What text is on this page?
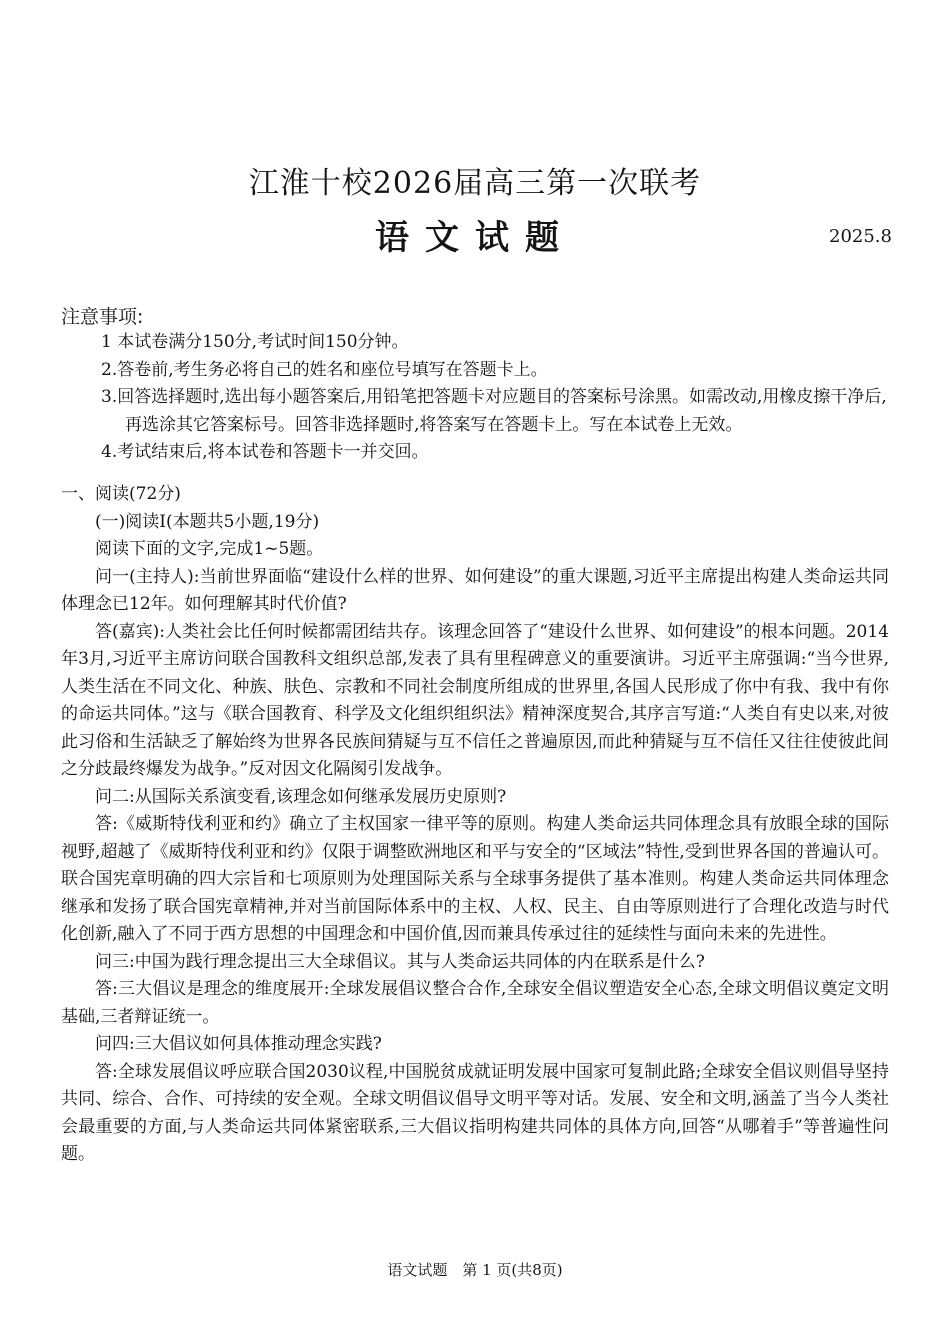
江淮十校2026届高三第一次联考
语文试题	2025.8
注意事项:
1 本试卷满分150分,考试时间150分钟。
2.答卷前,考生务必将自己的姓名和座位号填写在答题卡上。
3.回答选择题时,选出每小题答案后,用铅笔把答题卡对应题目的答案标号涂黑。如需改动,用橡皮擦干净后,再选涂其它答案标号。回答非选择题时,将答案写在答题卡上。写在本试卷上无效。
4.考试结束后,将本试卷和答题卡一并交回。
一、阅读(72分)
(一)阅读Ⅰ(本题共5小题,19分)
阅读下面的文字,完成1~5题。
问一(主持人):当前世界面临“建设什么样的世界、如何建设”的重大课题,习近平主席提出构建人类命运共同体理念已12年。如何理解其时代价值?
答(嘉宾):人类社会比任何时候都需团结共存。该理念回答了“建设什么世界、如何建设”的根本问题。2014年3月,习近平主席访问联合国教科文组织总部,发表了具有里程碑意义的重要演讲。习近平主席强调:“当今世界,人类生活在不同文化、种族、肤色、宗教和不同社会制度所组成的世界里,各国人民形成了你中有我、我中有你的命运共同体。”这与《联合国教育、科学及文化组织组织法》精神深度契合,其序言写道:“人类自有史以来,对彼此习俗和生活缺乏了解始终为世界各民族间猜疑与互不信任之普遍原因,而此种猜疑与互不信任又往往使彼此间之分歧最终爆发为战争。”反对因文化隔阂引发战争。
问二:从国际关系演变看,该理念如何继承发展历史原则?
答:《威斯特伐利亚和约》确立了主权国家一律平等的原则。构建人类命运共同体理念具有放眼全球的国际视野,超越了《威斯特伐利亚和约》仅限于调整欧洲地区和平与安全的“区域法”特性,受到世界各国的普遍认可。联合国宪章明确的四大宗旨和七项原则为处理国际关系与全球事务提供了基本准则。构建人类命运共同体理念继承和发扬了联合国宪章精神,并对当前国际体系中的主权、人权、民主、自由等原则进行了合理化改造与时代化创新,融入了不同于西方思想的中国理念和中国价值,因而兼具传承过往的延续性与面向未来的先进性。
问三:中国为践行理念提出三大全球倡议。其与人类命运共同体的内在联系是什么?
答:三大倡议是理念的维度展开:全球发展倡议整合合作,全球安全倡议塑造安全心态,全球文明倡议奠定文明基础,三者辩证统一。
问四:三大倡议如何具体推动理念实践?
答:全球发展倡议呼应联合国2030议程,中国脱贫成就证明发展中国家可复制此路;全球安全倡议则倡导坚持共同、综合、合作、可持续的安全观。全球文明倡议倡导文明平等对话。发展、安全和文明,涵盖了当今人类社会最重要的方面,与人类命运共同体紧密联系,三大倡议指明构建共同体的具体方向,回答“从哪着手”等普遍性问题。
语文试题　第 1 页(共8页)
